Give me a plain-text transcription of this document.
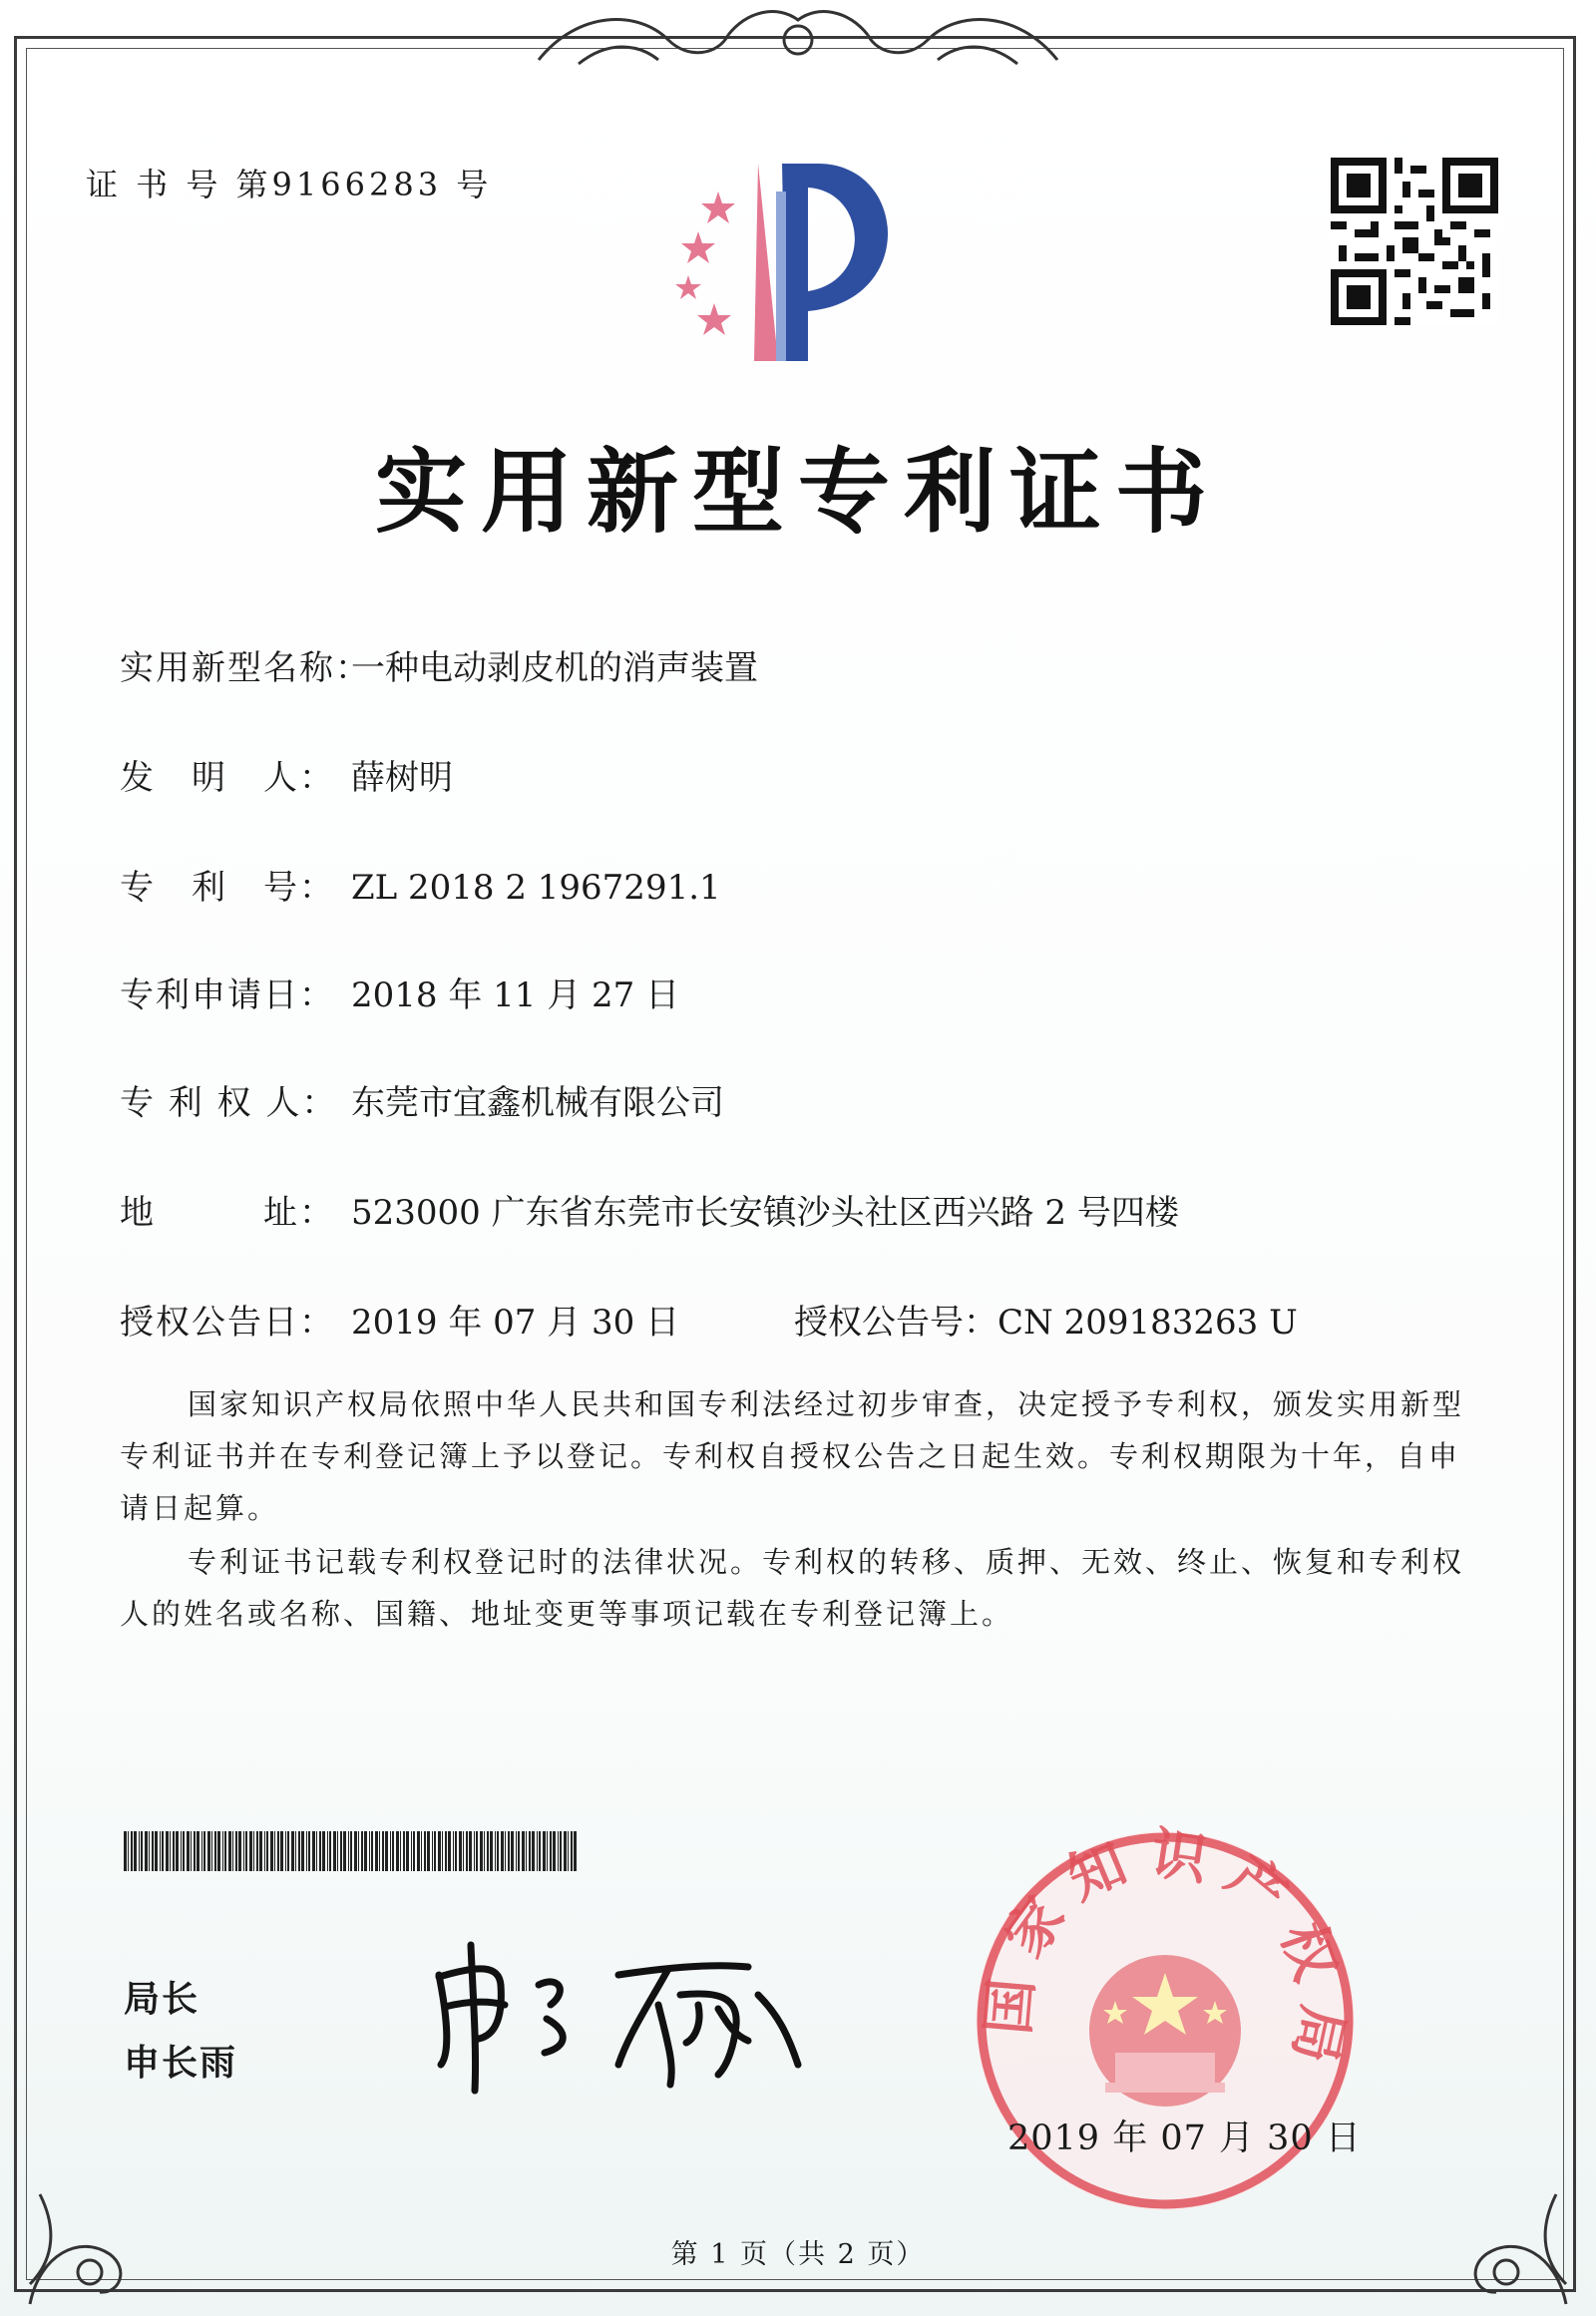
证 书 号 第9166283 号
实用新型专利证书
实用新型名称：一种电动剥皮机的消声装置
发　明　人： 薛树明
专　利　号： ZL 2018 2 1967291.1
专利申请日： 2018 年 11 月 27 日
专 利 权 人： 东莞市宜鑫机械有限公司
地　　　址： 523000 广东省东莞市长安镇沙头社区西兴路 2 号四楼
授权公告日： 2019 年 07 月 30 日	授权公告号：CN 209183263 U
国家知识产权局依照中华人民共和国专利法经过初步审查，决定授予专利权，颁发实用新型专利证书并在专利登记簿上予以登记。专利权自授权公告之日起生效。专利权期限为十年，自申请日起算。
专利证书记载专利权登记时的法律状况。专利权的转移、质押、无效、终止、恢复和专利权人的姓名或名称、国籍、地址变更等事项记载在专利登记簿上。
局长
申长雨
国家知识产权局
2019 年 07 月 30 日
第 1 页（共 2 页）
